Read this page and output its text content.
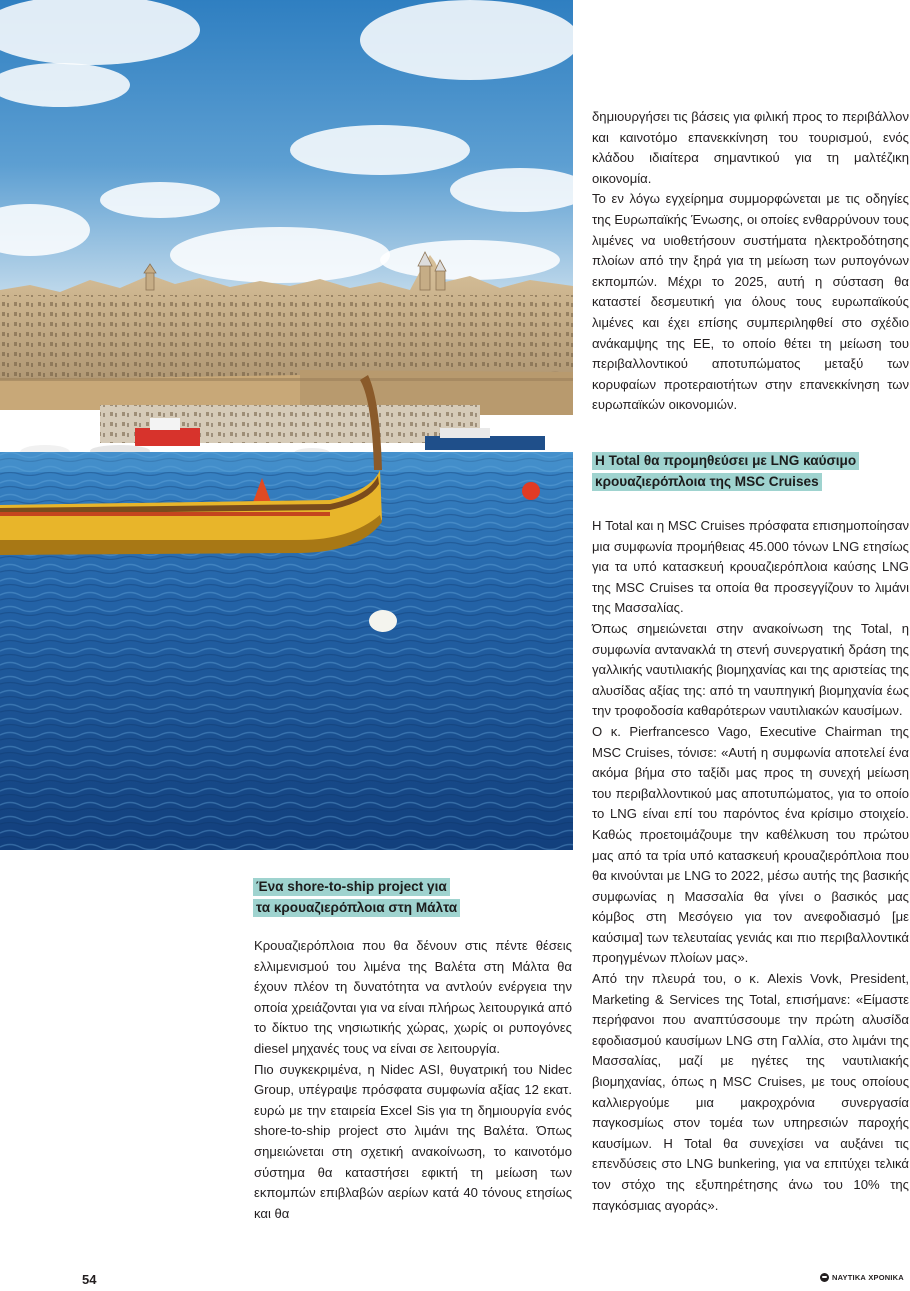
Ένα shore-to-ship project για
τα κρουαζιερόπλοια στη Μάλτα

Κρουαζιερόπλοια που θα δένουν στις πέντε θέσεις ελλιμενισμού του λιμένα της Βαλέτα στη Μάλτα θα έχουν πλέον τη δυνατότητα να αντλούν ενέργεια την οποία χρειάζονται για να είναι πλήρως λειτουργικά από το δίκτυο της νησιωτικής χώρας, χωρίς οι ρυπογόνες diesel μηχανές τους να είναι σε λειτουργία.

Πιο συγκεκριμένα, η Nidec ASI, θυγατρική του Nidec Group, υπέγραψε πρόσφατα συμφωνία αξίας 12 εκατ. ευρώ με την εταιρεία Excel Sis για τη δημιουργία ενός shore-to-ship project στο λιμάνι της Βαλέτα. Όπως σημειώνεται στη σχετική ανακοίνωση, το καινοτόμο σύστημα θα καταστήσει εφικτή τη μείωση των εκπομπών επιβλαβών αερίων κατά 40 τόνους ετησίως και θα

δημιουργήσει τις βάσεις για φιλική προς το περιβάλλον και καινοτόμο επανεκκίνηση του τουρισμού, ενός κλάδου ιδιαίτερα σημαντικού για τη μαλτέζικη οικονομία.

Το εν λόγω εγχείρημα συμμορφώνεται με τις οδηγίες της Ευρωπαϊκής Ένωσης, οι οποίες ενθαρρύνουν τους λιμένες να υιοθετήσουν συστήματα ηλεκτροδότησης πλοίων από την ξηρά για τη μείωση των ρυπογόνων εκπομπών. Μέχρι το 2025, αυτή η σύσταση θα καταστεί δεσμευτική για όλους τους ευρωπαϊκούς λιμένες και έχει επίσης συμπεριληφθεί στο σχέδιο ανάκαμψης της ΕΕ, το οποίο θέτει τη μείωση του περιβαλλοντικού αποτυπώματος μεταξύ των κορυφαίων προτεραιοτήτων στην επανεκκίνηση των ευρωπαϊκών οικονομιών.

Η Total θα προμηθεύσει με LNG καύσιμο
κρουαζιερόπλοια της MSC Cruises

Η Total και η MSC Cruises πρόσφατα επισημοποίησαν μια συμφωνία προμήθειας 45.000 τόνων LNG ετησίως για τα υπό κατασκευή κρουαζιερόπλοια καύσης LNG της MSC Cruises τα οποία θα προσεγγίζουν το λιμάνι της Μασσαλίας.

Όπως σημειώνεται στην ανακοίνωση της Total, η συμφωνία αντανακλά τη στενή συνεργατική δράση της γαλλικής ναυτιλιακής βιομηχανίας και της αριστείας της αλυσίδας αξίας της: από τη ναυπηγική βιομηχανία έως την τροφοδοσία καθαρότερων ναυτιλιακών καυσίμων.

Ο κ. Pierfrancesco Vago, Executive Chairman της MSC Cruises, τόνισε: «Αυτή η συμφωνία αποτελεί ένα ακόμα βήμα στο ταξίδι μας προς τη συνεχή μείωση του περιβαλλοντικού μας αποτυπώματος, για το οποίο το LNG είναι επί του παρόντος ένα κρίσιμο στοιχείο. Καθώς προετοιμάζουμε την καθέλκυση του πρώτου μας από τα τρία υπό κατασκευή κρουαζιερόπλοια που θα κινούνται με LNG το 2022, μέσω αυτής της βασικής συμφωνίας η Μασσαλία θα γίνει ο βασικός μας κόμβος στη Μεσόγειο για τον ανεφοδιασμό [με καύσιμα] των τελευταίας γενιάς και πιο περιβαλλοντικά προηγμένων πλοίων μας».

Από την πλευρά του, ο κ. Alexis Vovk, President, Marketing & Services της Total, επισήμανε: «Είμαστε περήφανοι που αναπτύσσουμε την πρώτη αλυσίδα εφοδιασμού καυσίμων LNG στη Γαλλία, στο λιμάνι της Μασσαλίας, μαζί με ηγέτες της ναυτιλιακής βιομηχανίας, όπως η MSC Cruises, με τους οποίους καλλιεργούμε μια μακροχρόνια συνεργασία παγκοσμίως στον τομέα των υπηρεσιών παροχής καυσίμων. Η Total θα συνεχίσει να αυξάνει τις επενδύσεις στο LNG bunkering, για να επιτύχει τελικά τον στόχο της εξυπηρέτησης άνω του 10% της παγκόσμιας αγοράς».

54	ΝΑΥΤΙΚΑ ΧΡΟΝΙΚΑ
